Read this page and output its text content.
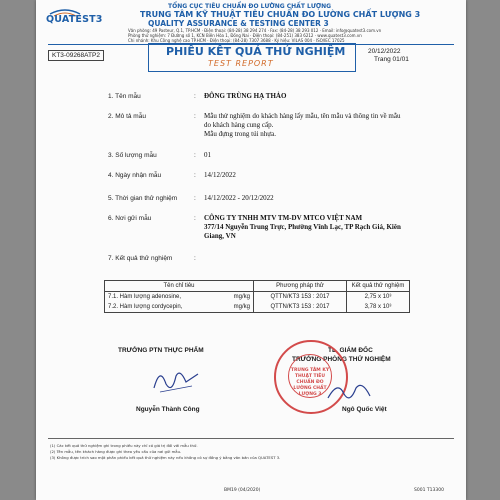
QUATEST3
TỔNG CỤC TIÊU CHUẨN ĐO LƯỜNG CHẤT LƯỢNG
TRUNG TÂM KỸ THUẬT TIÊU CHUẨN ĐO LƯỜNG CHẤT LƯỢNG 3
QUALITY ASSURANCE & TESTING CENTER 3
Văn phòng: 49 Pasteur, Q.1, TP.HCM · Điện thoại: (84-28) 38 294 274 · Fax: (84-28) 38 293 012 · Email: info@quatest3.com.vn
Phòng thử nghiệm: 7 Đường số 1, KCN Biên Hòa 1, Đồng Nai · Điện thoại: (84-251) 383 6212 · www.quatest3.com.vn
Chi nhánh: Khu Công nghệ cao TP.HCM · Điện thoại: (84-28) 7307 3688 · Ký hiệu: VILAS 004 · ISO/IEC 17025
KT3-09268ATP2	PHIẾU KẾT QUẢ THỬ NGHIỆM
TEST REPORT
20/12/2022
Trang 01/01
1. Tên mẫu	: ĐÔNG TRÙNG HẠ THẢO
2. Mô tả mẫu	: Mẫu thử nghiệm do khách hàng lấy mẫu, tên mẫu và thông tin về mẫu
do khách hàng cung cấp.
Mẫu đựng trong túi nhựa.
3. Số lượng mẫu	: 01
4. Ngày nhận mẫu	: 14/12/2022
5. Thời gian thử nghiệm	: 14/12/2022 - 20/12/2022
6. Nơi gửi mẫu	: CÔNG TY TNHH MTV TM-DV MTCO VIỆT NAM
377/14 Nguyễn Trung Trực, Phường Vĩnh Lạc, TP Rạch Giá, Kiên
Giang, VN
7. Kết quả thử nghiệm	:
Tên chỉ tiêu	Phương pháp thử	Kết quả thử nghiệm
7.1. Hàm lượng adenosine, mg/kg	QTTN/KT3 153 : 2017	2,75 x 10³
7.2. Hàm lượng cordycepin, mg/kg	QTTN/KT3 153 : 2017	3,78 x 10³
TRƯỞNG PTN THỰC PHẨM
Nguyễn Thành Công
TL. GIÁM ĐỐC
TRƯỞNG PHÒNG THỬ NGHIỆM
TRUNG TÂM KỸ THUẬT TIÊU CHUẨN ĐO LƯỜNG CHẤT LƯỢNG 3
Ngô Quốc Việt
(1) Các kết quả thử nghiệm ghi trong phiếu này chỉ có giá trị đối với mẫu thử.
(2) Tên mẫu, tên khách hàng được ghi theo yêu cầu của nơi gửi mẫu.
(3) Không được trích sao một phần phiếu kết quả thử nghiệm này nếu không có sự đồng ý bằng văn bản của QUATEST 3.
BM19 (04/2020)	S001 T13300
